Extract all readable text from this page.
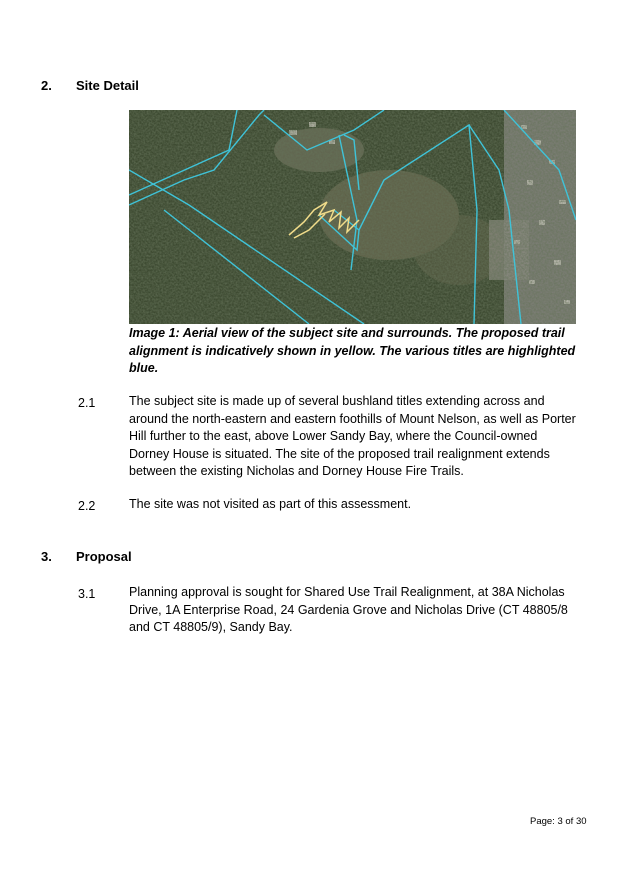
2. Site Detail
Image 1: Aerial view of the subject site and surrounds. The proposed trail alignment is indicatively shown in yellow. The various titles are highlighted blue.
2.1	The subject site is made up of several bushland titles extending across and around the north-eastern and eastern foothills of Mount Nelson, as well as Porter Hill further to the east, above Lower Sandy Bay, where the Council-owned Dorney House is situated. The site of the proposed trail realignment extends between the existing Nicholas and Dorney House Fire Trails.
2.2	The site was not visited as part of this assessment.
3. Proposal
3.1	Planning approval is sought for Shared Use Trail Realignment, at 38A Nicholas Drive, 1A Enterprise Road, 24 Gardenia Grove and Nicholas Drive (CT 48805/8 and CT 48805/9), Sandy Bay.
Page: 3 of 30
